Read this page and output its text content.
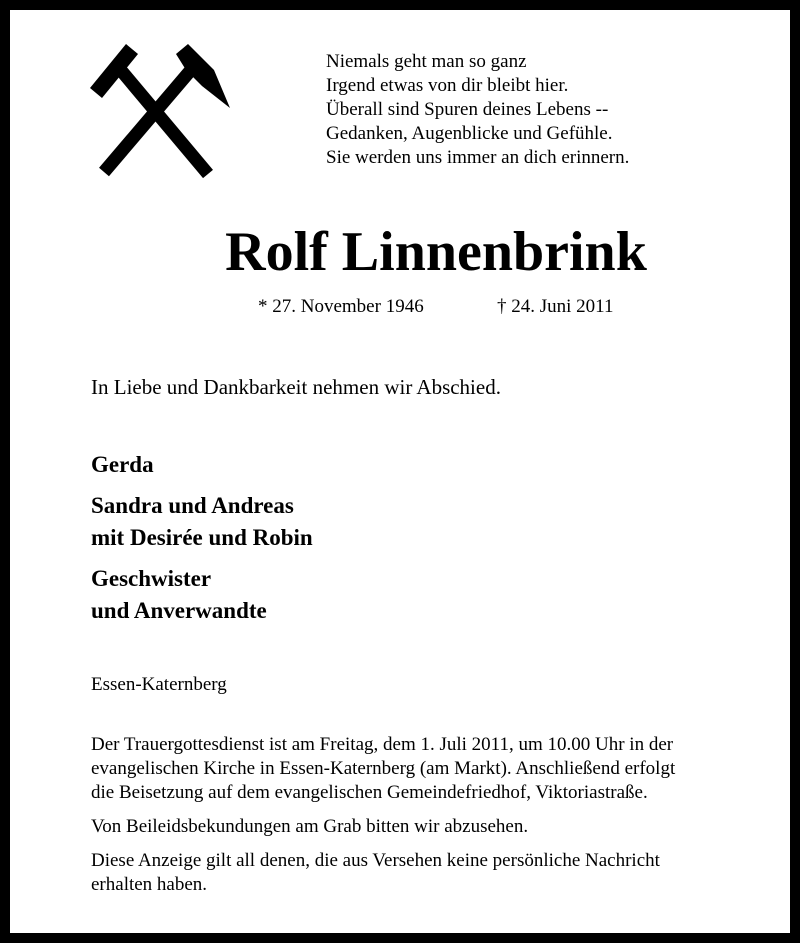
Niemals geht man so ganz
Irgend etwas von dir bleibt hier.
Überall sind Spuren deines Lebens --
Gedanken, Augenblicke und Gefühle.
Sie werden uns immer an dich erinnern.
Rolf Linnenbrink
* 27. November 1946	† 24. Juni 2011
In Liebe und Dankbarkeit nehmen wir Abschied.
Gerda
Sandra und Andreas
mit Desirée und Robin
Geschwister
und Anverwandte
Essen-Katernberg
Der Trauergottesdienst ist am Freitag, dem 1. Juli 2011, um 10.00 Uhr in der
evangelischen Kirche in Essen-Katernberg (am Markt). Anschließend erfolgt
die Beisetzung auf dem evangelischen Gemeindefriedhof, Viktoriastraße.
Von Beileidsbekundungen am Grab bitten wir abzusehen.
Diese Anzeige gilt all denen, die aus Versehen keine persönliche Nachricht
erhalten haben.
